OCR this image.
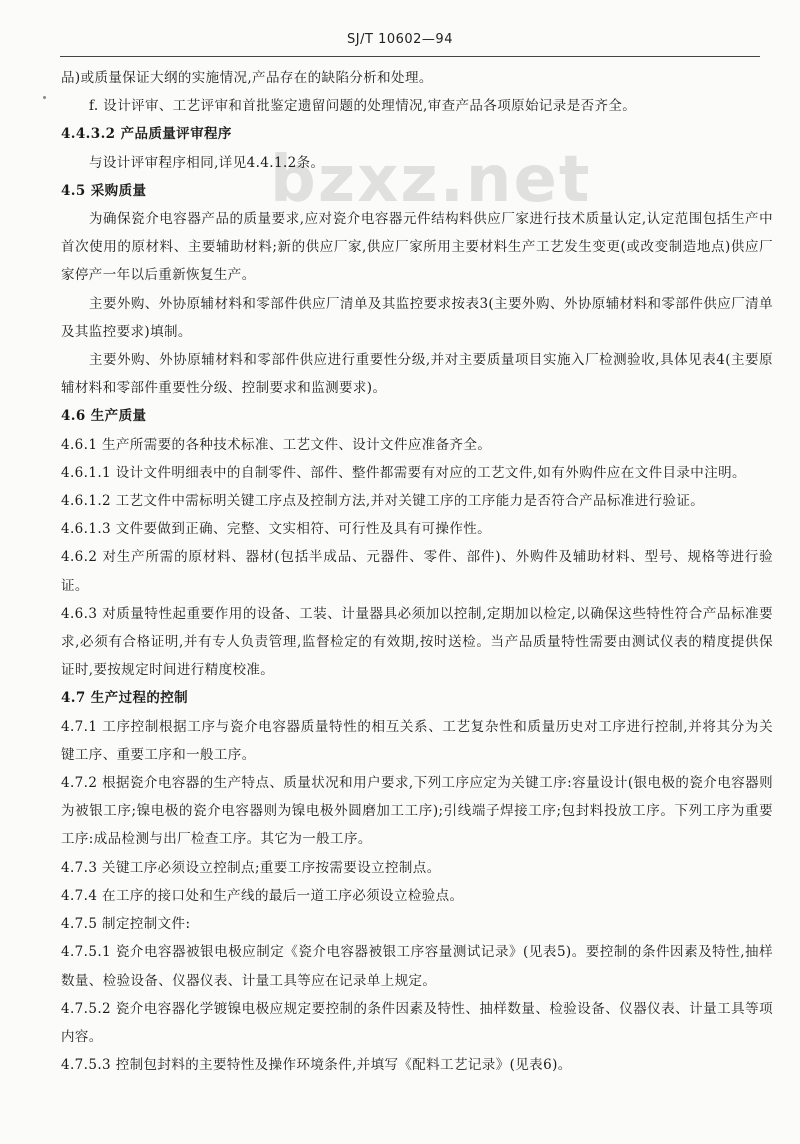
SJ/T 10602—94
bzxz.net

品)或质量保证大纲的实施情况,产品存在的缺陷分析和处理。

f. 设计评审、工艺评审和首批鉴定遗留问题的处理情况,审查产品各项原始记录是否齐全。

4.4.3.2 产品质量评审程序

与设计评审程序相同,详见4.4.1.2条。

4.5 采购质量

为确保瓷介电容器产品的质量要求,应对瓷介电容器元件结构料供应厂家进行技术质量认定,认定范围包括生产中首次使用的原材料、主要辅助材料;新的供应厂家,供应厂家所用主要材料生产工艺发生变更(或改变制造地点)供应厂家停产一年以后重新恢复生产。

主要外购、外协原辅材料和零部件供应厂清单及其监控要求按表3(主要外购、外协原辅材料和零部件供应厂清单及其监控要求)填制。

主要外购、外协原辅材料和零部件供应进行重要性分级,并对主要质量项目实施入厂检测验收,具体见表4(主要原辅材料和零部件重要性分级、控制要求和监测要求)。

4.6 生产质量

4.6.1 生产所需要的各种技术标准、工艺文件、设计文件应准备齐全。

4.6.1.1 设计文件明细表中的自制零件、部件、整件都需要有对应的工艺文件,如有外购件应在文件目录中注明。

4.6.1.2 工艺文件中需标明关键工序点及控制方法,并对关键工序的工序能力是否符合产品标准进行验证。

4.6.1.3 文件要做到正确、完整、文实相符、可行性及具有可操作性。

4.6.2 对生产所需的原材料、器材(包括半成品、元器件、零件、部件)、外购件及辅助材料、型号、规格等进行验证。

4.6.3 对质量特性起重要作用的设备、工装、计量器具必须加以控制,定期加以检定,以确保这些特性符合产品标准要求,必须有合格证明,并有专人负责管理,监督检定的有效期,按时送检。当产品质量特性需要由测试仪表的精度提供保证时,要按规定时间进行精度校准。

4.7 生产过程的控制

4.7.1 工序控制根据工序与瓷介电容器质量特性的相互关系、工艺复杂性和质量历史对工序进行控制,并将其分为关键工序、重要工序和一般工序。

4.7.2 根据瓷介电容器的生产特点、质量状况和用户要求,下列工序应定为关键工序:容量设计(银电极的瓷介电容器则为被银工序;镍电极的瓷介电容器则为镍电极外圆磨加工工序);引线端子焊接工序;包封料投放工序。下列工序为重要工序:成品检测与出厂检查工序。其它为一般工序。

4.7.3 关键工序必须设立控制点;重要工序按需要设立控制点。

4.7.4 在工序的接口处和生产线的最后一道工序必须设立检验点。

4.7.5 制定控制文件:

4.7.5.1 瓷介电容器被银电极应制定《瓷介电容器被银工序容量测试记录》(见表5)。要控制的条件因素及特性,抽样数量、检验设备、仪器仪表、计量工具等应在记录单上规定。

4.7.5.2 瓷介电容器化学镀镍电极应规定要控制的条件因素及特性、抽样数量、检验设备、仪器仪表、计量工具等项内容。

4.7.5.3 控制包封料的主要特性及操作环境条件,并填写《配料工艺记录》(见表6)。
